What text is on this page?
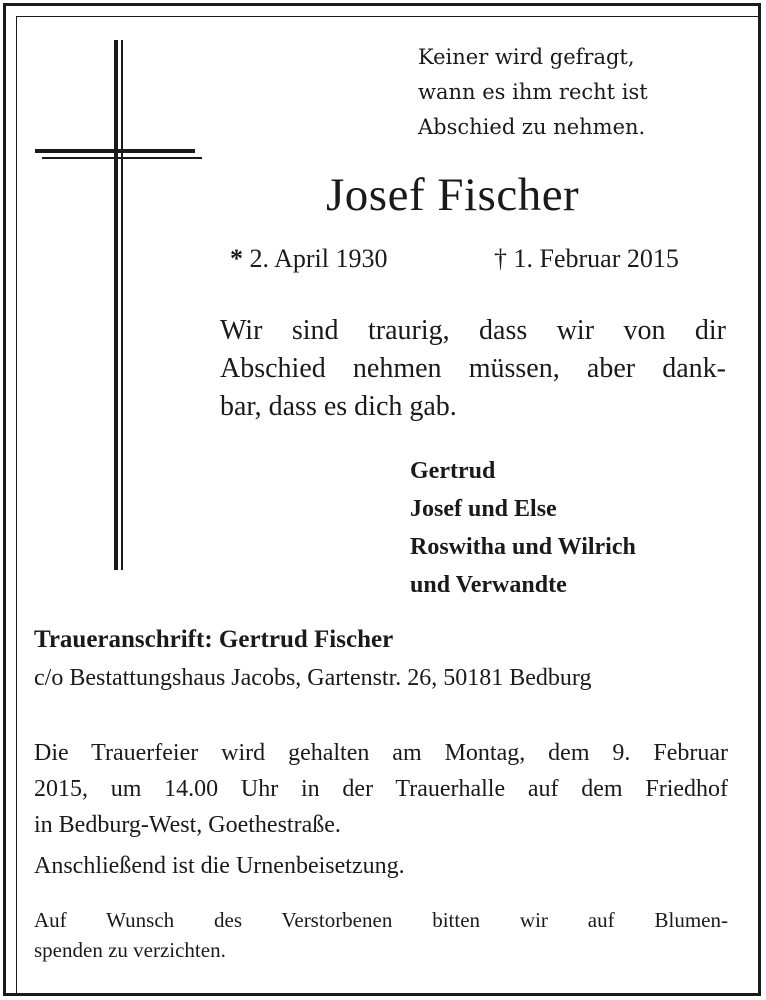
Keiner wird gefragt,
wann es ihm recht ist
Abschied zu nehmen.
Josef Fischer
* 2. April 1930	† 1. Februar 2015
Wir sind traurig, dass wir von dir
Abschied nehmen müssen, aber dank-
bar, dass es dich gab.
Gertrud
Josef und Else
Roswitha und Wilrich
und Verwandte
Traueranschrift: Gertrud Fischer
c/o Bestattungshaus Jacobs, Gartenstr. 26, 50181 Bedburg
Die Trauerfeier wird gehalten am Montag, dem 9. Februar
2015, um 14.00 Uhr in der Trauerhalle auf dem Friedhof
in Bedburg-West, Goethestraße.
Anschließend ist die Urnenbeisetzung.
Auf Wunsch des Verstorbenen bitten wir auf Blumen-
spenden zu verzichten.
